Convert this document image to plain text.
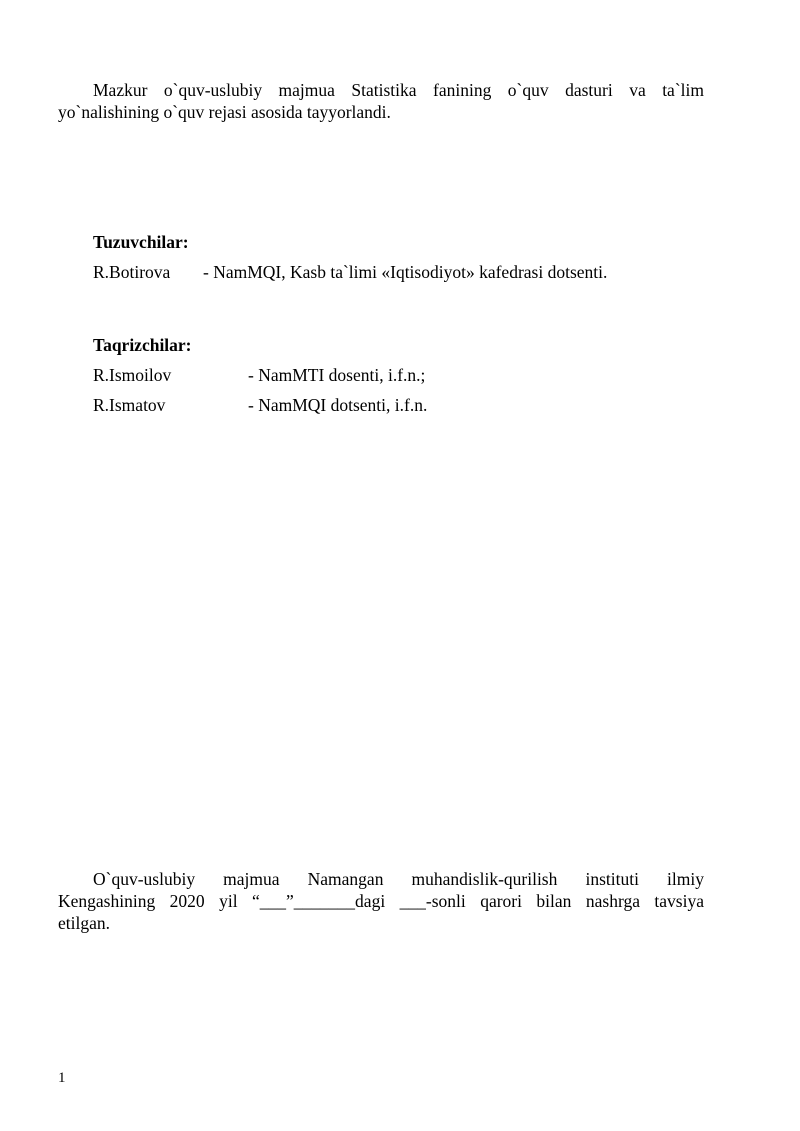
Mazkur o`quv-uslubiy majmua Statistika fanining o`quv dasturi va ta`lim
yo`nalishining o`quv rejasi asosida tayyorlandi.

Tuzuvchilar:

R.Botirova - NamMQI, Kasb ta`limi «Iqtisodiyot» kafedrasi dotsenti.

Taqrizchilar:

R.Ismoilov	- NamMTI dosenti, i.f.n.;

R.Ismatov	- NamMQI dotsenti, i.f.n.

O`quv-uslubiy majmua Namangan muhandislik-qurilish instituti ilmiy
Kengashining 2020 yil “___”_______dagi ___-sonli qarori bilan nashrga tavsiya
etilgan.
1
